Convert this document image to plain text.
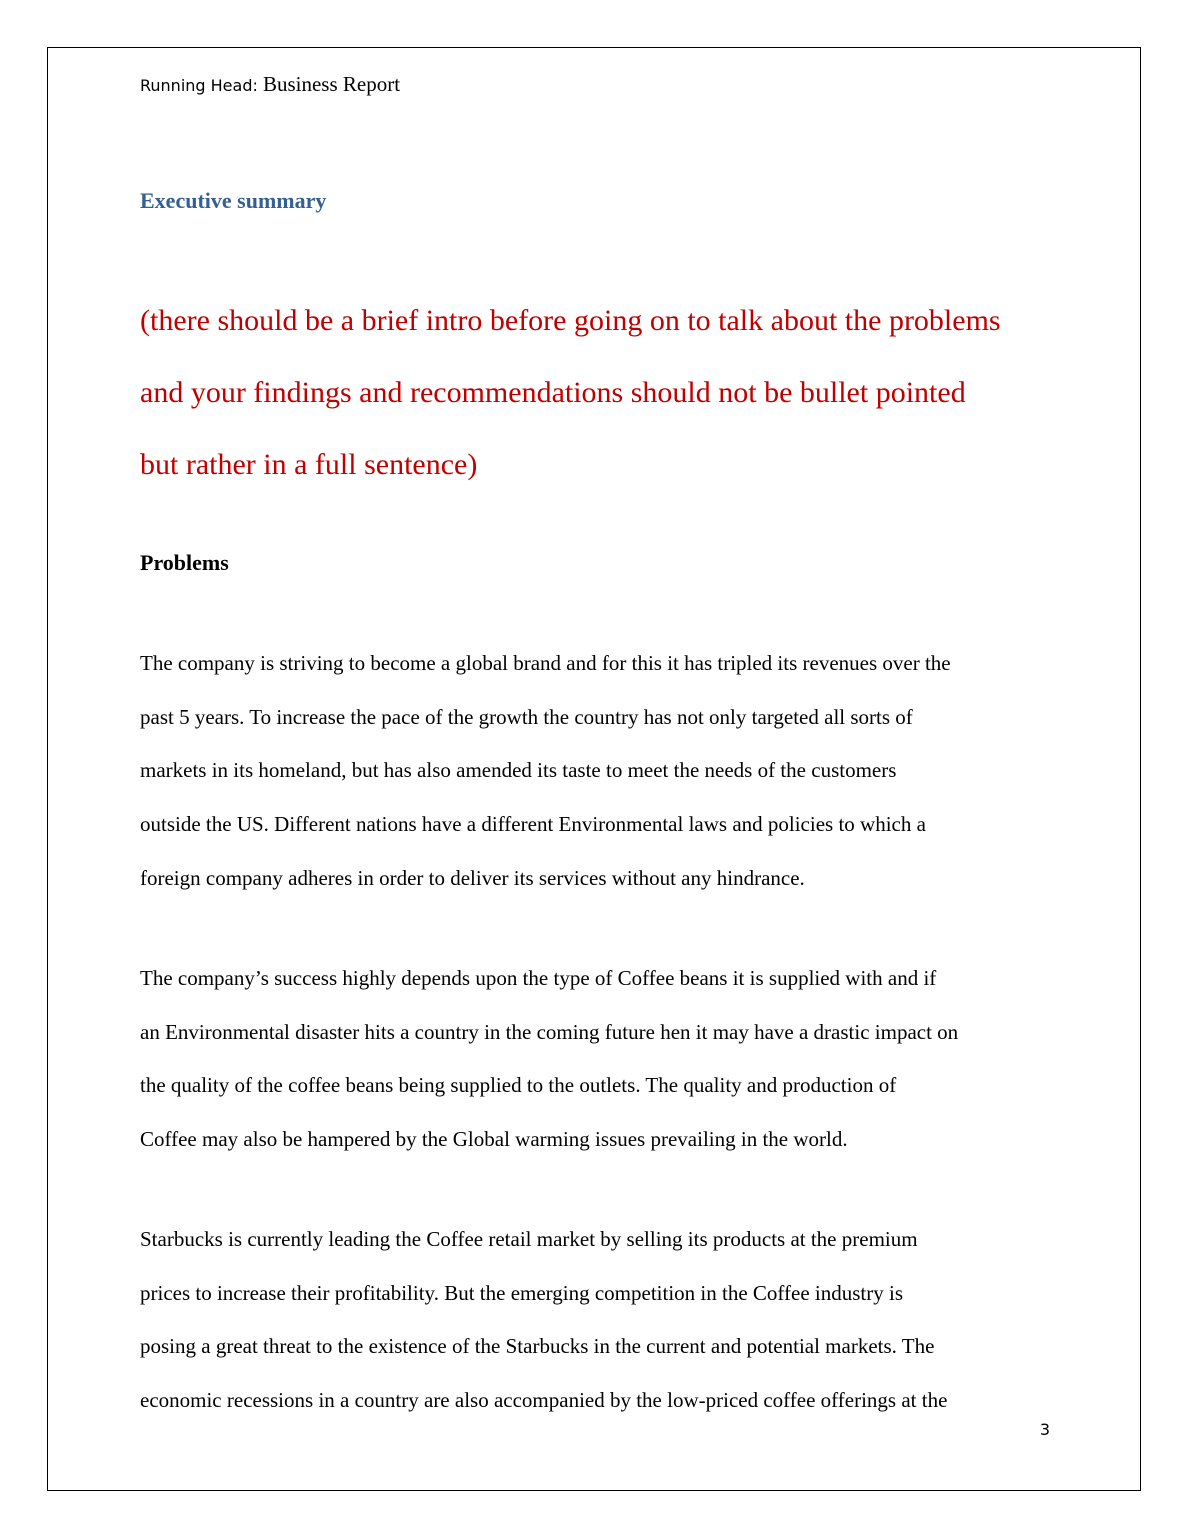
Running Head: Business Report
Executive summary

(there should be a brief intro before going on to talk about the problems
and your findings and recommendations should not be bullet pointed
but rather in a full sentence)

Problems

The company is striving to become a global brand and for this it has tripled its revenues over the
past 5 years. To increase the pace of the growth the country has not only targeted all sorts of
markets in its homeland, but has also amended its taste to meet the needs of the customers
outside the US. Different nations have a different Environmental laws and policies to which a
foreign company adheres in order to deliver its services without any hindrance.

The company’s success highly depends upon the type of Coffee beans it is supplied with and if
an Environmental disaster hits a country in the coming future hen it may have a drastic impact on
the quality of the coffee beans being supplied to the outlets. The quality and production of
Coffee may also be hampered by the Global warming issues prevailing in the world.

Starbucks is currently leading the Coffee retail market by selling its products at the premium
prices to increase their profitability. But the emerging competition in the Coffee industry is
posing a great threat to the existence of the Starbucks in the current and potential markets. The
economic recessions in a country are also accompanied by the low-priced coffee offerings at the

3
